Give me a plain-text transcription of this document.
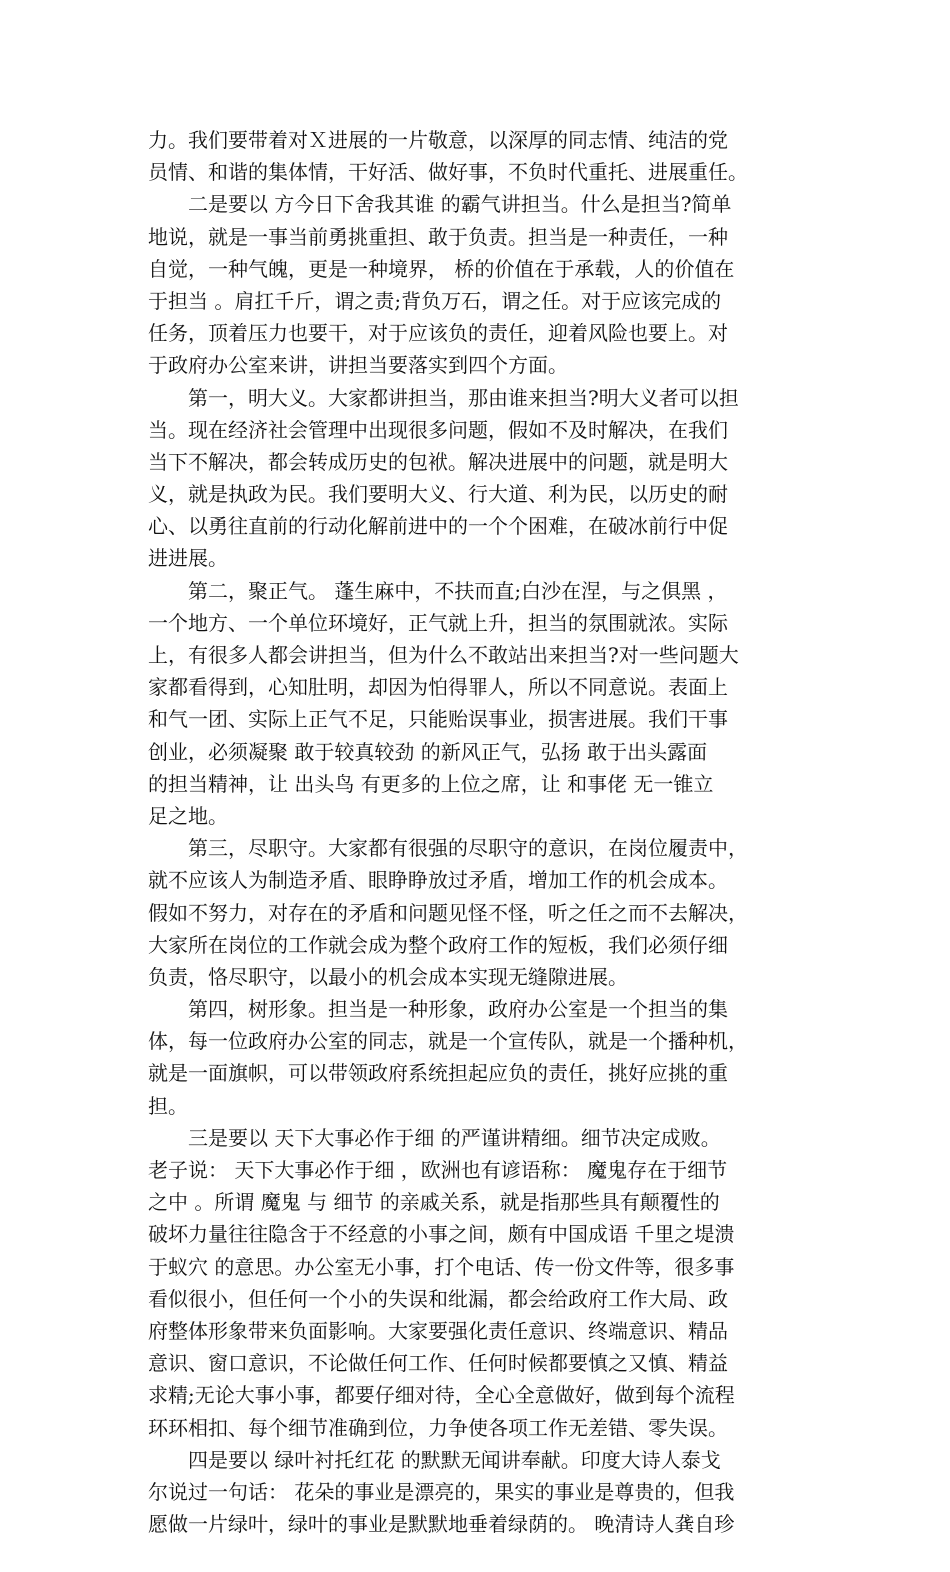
力。我们要带着对Ｘ进展的一片敬意，以深厚的同志情、纯洁的党
员情、和谐的集体情，干好活、做好事，不负时代重托、进展重任。
　　二是要以 方今日下舍我其谁 的霸气讲担当。什么是担当?简单
地说，就是一事当前勇挑重担、敢于负责。担当是一种责任，一种
自觉，一种气魄，更是一种境界， 桥的价值在于承载，人的价值在
于担当 。肩扛千斤，谓之责;背负万石，谓之任。对于应该完成的
任务，顶着压力也要干，对于应该负的责任，迎着风险也要上。对
于政府办公室来讲，讲担当要落实到四个方面。
　　第一，明大义。大家都讲担当，那由谁来担当?明大义者可以担
当。现在经济社会管理中出现很多问题，假如不及时解决，在我们
当下不解决，都会转成历史的包袱。解决进展中的问题，就是明大
义，就是执政为民。我们要明大义、行大道、利为民，以历史的耐
心、以勇往直前的行动化解前进中的一个个困难，在破冰前行中促
进进展。
　　第二，聚正气。 蓬生麻中，不扶而直;白沙在涅，与之俱黑 ，
一个地方、一个单位环境好，正气就上升，担当的氛围就浓。实际
上，有很多人都会讲担当，但为什么不敢站出来担当?对一些问题大
家都看得到，心知肚明，却因为怕得罪人，所以不同意说。表面上
和气一团、实际上正气不足，只能贻误事业，损害进展。我们干事
创业，必须凝聚 敢于较真较劲 的新风正气，弘扬 敢于出头露面
的担当精神，让 出头鸟 有更多的上位之席，让 和事佬 无一锥立
足之地。
　　第三，尽职守。大家都有很强的尽职守的意识，在岗位履责中，
就不应该人为制造矛盾、眼睁睁放过矛盾，增加工作的机会成本。
假如不努力，对存在的矛盾和问题见怪不怪，听之任之而不去解决，
大家所在岗位的工作就会成为整个政府工作的短板，我们必须仔细
负责，恪尽职守，以最小的机会成本实现无缝隙进展。
　　第四，树形象。担当是一种形象，政府办公室是一个担当的集
体，每一位政府办公室的同志，就是一个宣传队，就是一个播种机，
就是一面旗帜，可以带领政府系统担起应负的责任，挑好应挑的重
担。
　　三是要以 天下大事必作于细 的严谨讲精细。细节决定成败。
老子说： 天下大事必作于细 ，欧洲也有谚语称： 魔鬼存在于细节
之中 。所谓 魔鬼 与 细节 的亲戚关系，就是指那些具有颠覆性的
破坏力量往往隐含于不经意的小事之间，颇有中国成语 千里之堤溃
于蚁穴 的意思。办公室无小事，打个电话、传一份文件等，很多事
看似很小，但任何一个小的失误和纰漏，都会给政府工作大局、政
府整体形象带来负面影响。大家要强化责任意识、终端意识、精品
意识、窗口意识，不论做任何工作、任何时候都要慎之又慎、精益
求精;无论大事小事，都要仔细对待，全心全意做好，做到每个流程
环环相扣、每个细节准确到位，力争使各项工作无差错、零失误。
　　四是要以 绿叶衬托红花 的默默无闻讲奉献。印度大诗人泰戈
尔说过一句话： 花朵的事业是漂亮的，果实的事业是尊贵的，但我
愿做一片绿叶，绿叶的事业是默默地垂着绿荫的。 晚清诗人龚自珍
